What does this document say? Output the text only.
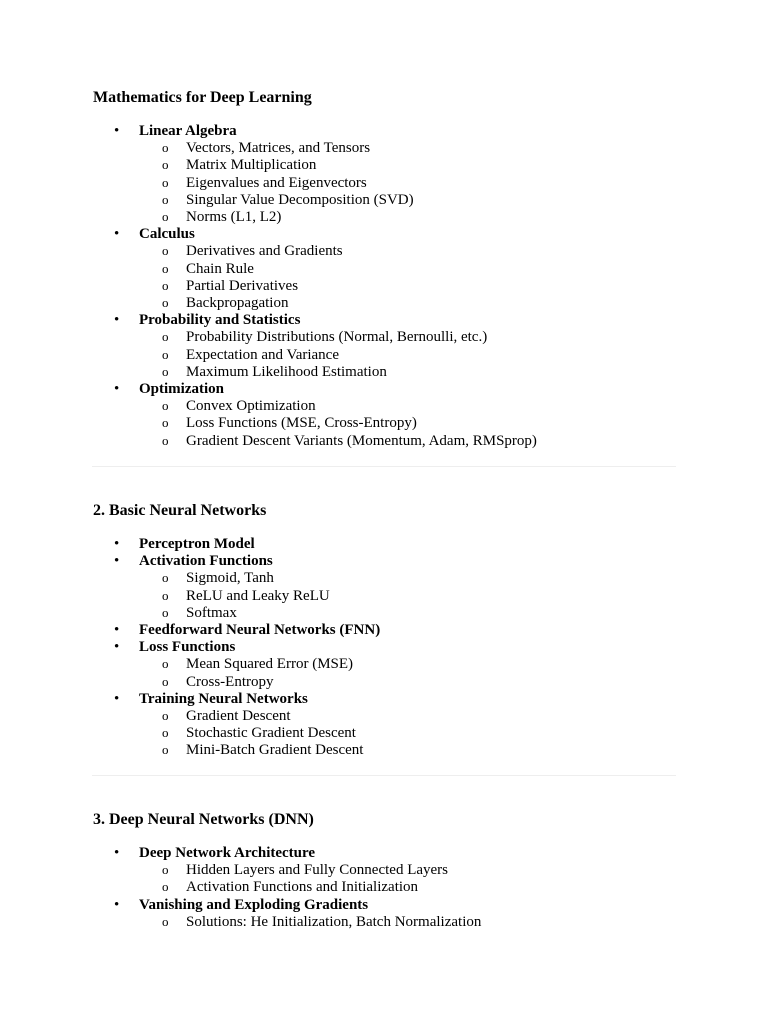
Mathematics for Deep Learning
• Linear Algebra
o Vectors, Matrices, and Tensors
o Matrix Multiplication
o Eigenvalues and Eigenvectors
o Singular Value Decomposition (SVD)
o Norms (L1, L2)
• Calculus
o Derivatives and Gradients
o Chain Rule
o Partial Derivatives
o Backpropagation
• Probability and Statistics
o Probability Distributions (Normal, Bernoulli, etc.)
o Expectation and Variance
o Maximum Likelihood Estimation
• Optimization
o Convex Optimization
o Loss Functions (MSE, Cross-Entropy)
o Gradient Descent Variants (Momentum, Adam, RMSprop)
2. Basic Neural Networks
• Perceptron Model
• Activation Functions
o Sigmoid, Tanh
o ReLU and Leaky ReLU
o Softmax
• Feedforward Neural Networks (FNN)
• Loss Functions
o Mean Squared Error (MSE)
o Cross-Entropy
• Training Neural Networks
o Gradient Descent
o Stochastic Gradient Descent
o Mini-Batch Gradient Descent
3. Deep Neural Networks (DNN)
• Deep Network Architecture
o Hidden Layers and Fully Connected Layers
o Activation Functions and Initialization
• Vanishing and Exploding Gradients
o Solutions: He Initialization, Batch Normalization
